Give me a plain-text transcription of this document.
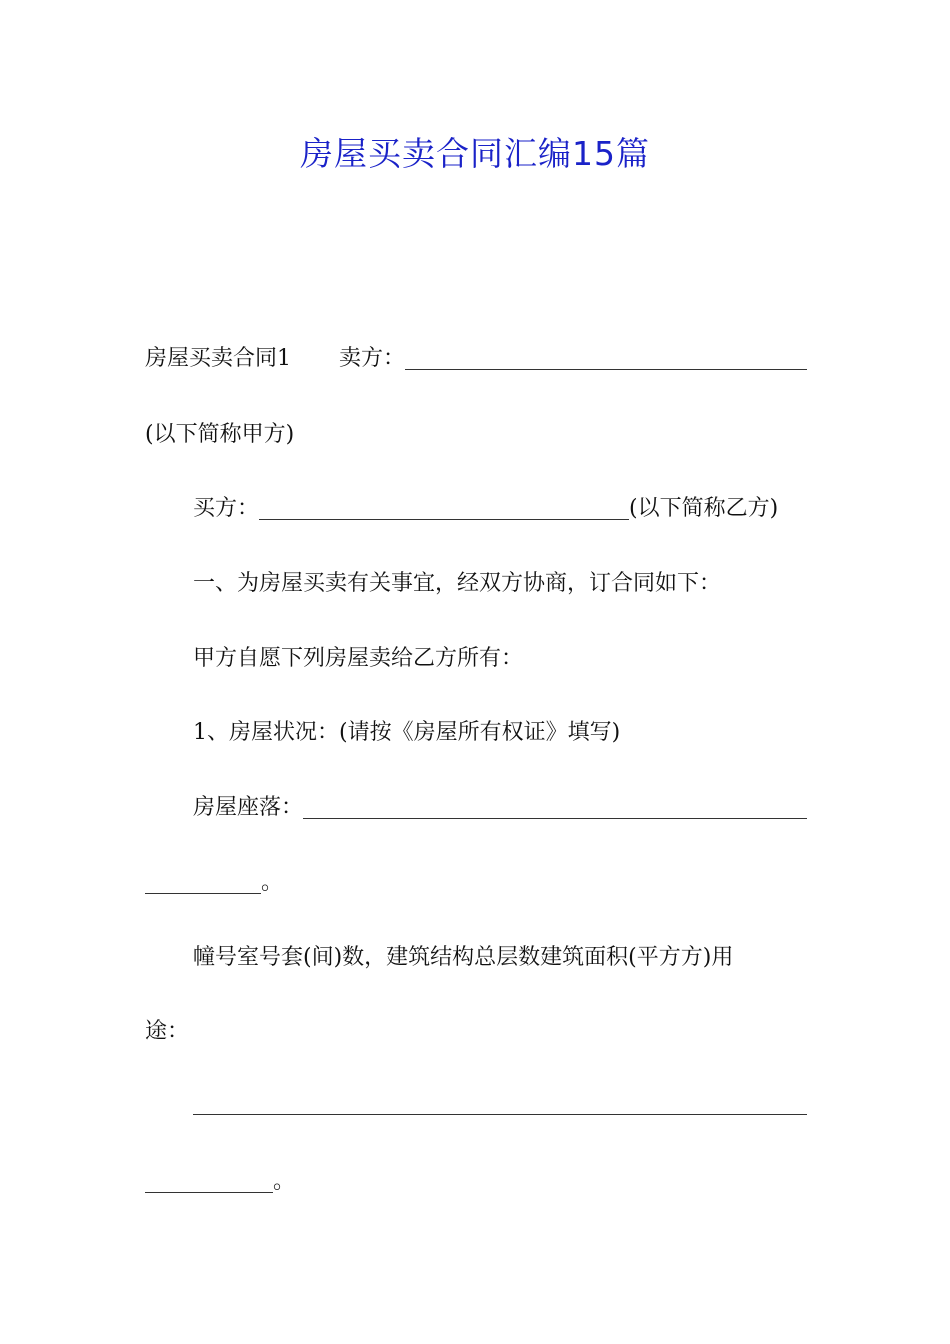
房屋买卖合同汇编15篇
房屋买卖合同1 卖方：
(以下简称甲方)
买方：	(以下简称乙方)
一、为房屋买卖有关事宜，经双方协商，订合同如下：
甲方自愿下列房屋卖给乙方所有：
1、房屋状况：(请按《房屋所有权证》填写)
房屋座落：
。
幢号室号套(间)数，建筑结构总层数建筑面积(平方方)用
途：
。
